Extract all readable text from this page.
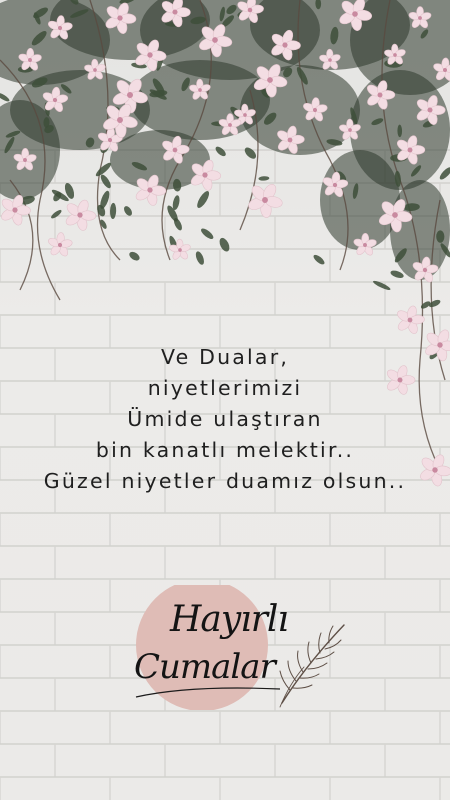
Ve Dualar,
niyetlerimizi
Ümide ulaştıran
bin kanatlı melektir..
Güzel niyetler duamız olsun..
Hayırlı
Cumalar
